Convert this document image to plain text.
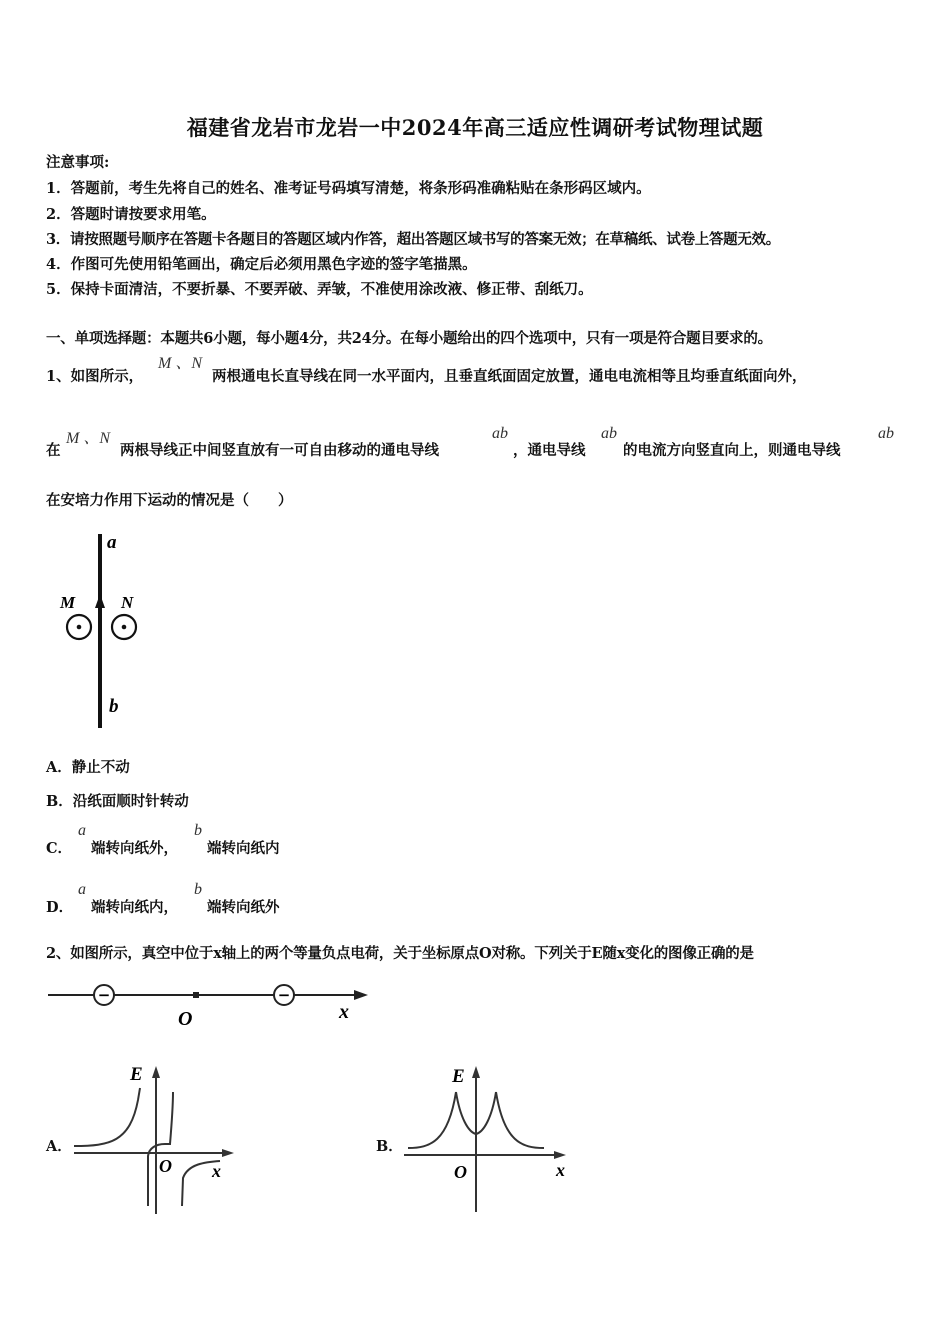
福建省龙岩市龙岩一中2024年高三适应性调研考试物理试题
注意事项:
1．答题前，考生先将自己的姓名、准考证号码填写清楚，将条形码准确粘贴在条形码区域内。
2．答题时请按要求用笔。
3．请按照题号顺序在答题卡各题目的答题区域内作答，超出答题区域书写的答案无效；在草稿纸、试卷上答题无效。
4．作图可先使用铅笔画出，确定后必须用黑色字迹的签字笔描黑。
5．保持卡面清洁，不要折暴、不要弄破、弄皱，不准使用涂改液、修正带、刮纸刀。
一、单项选择题：本题共6小题，每小题4分，共24分。在每小题给出的四个选项中，只有一项是符合题目要求的。
1、如图所示，
M 、N
两根通电长直导线在同一水平面内，且垂直纸面固定放置，通电电流相等且均垂直纸面向外，
在
M 、N
两根导线正中间竖直放有一可自由移动的通电导线
ab
，通电导线
ab
的电流方向竖直向上，则通电导线
ab
在安培力作用下运动的情况是（　　）
a
b
M	N
A．静止不动
B．沿纸面顺时针转动
C．
a
端转向纸外，
b
端转向纸内
D．
a
端转向纸内，
b
端转向纸外
2、如图所示，真空中位于x轴上的两个等量负点电荷，关于坐标原点O对称。下列关于E随x变化的图像正确的是
−	−
O	x
A．
E
O x
B．
E
O	x
